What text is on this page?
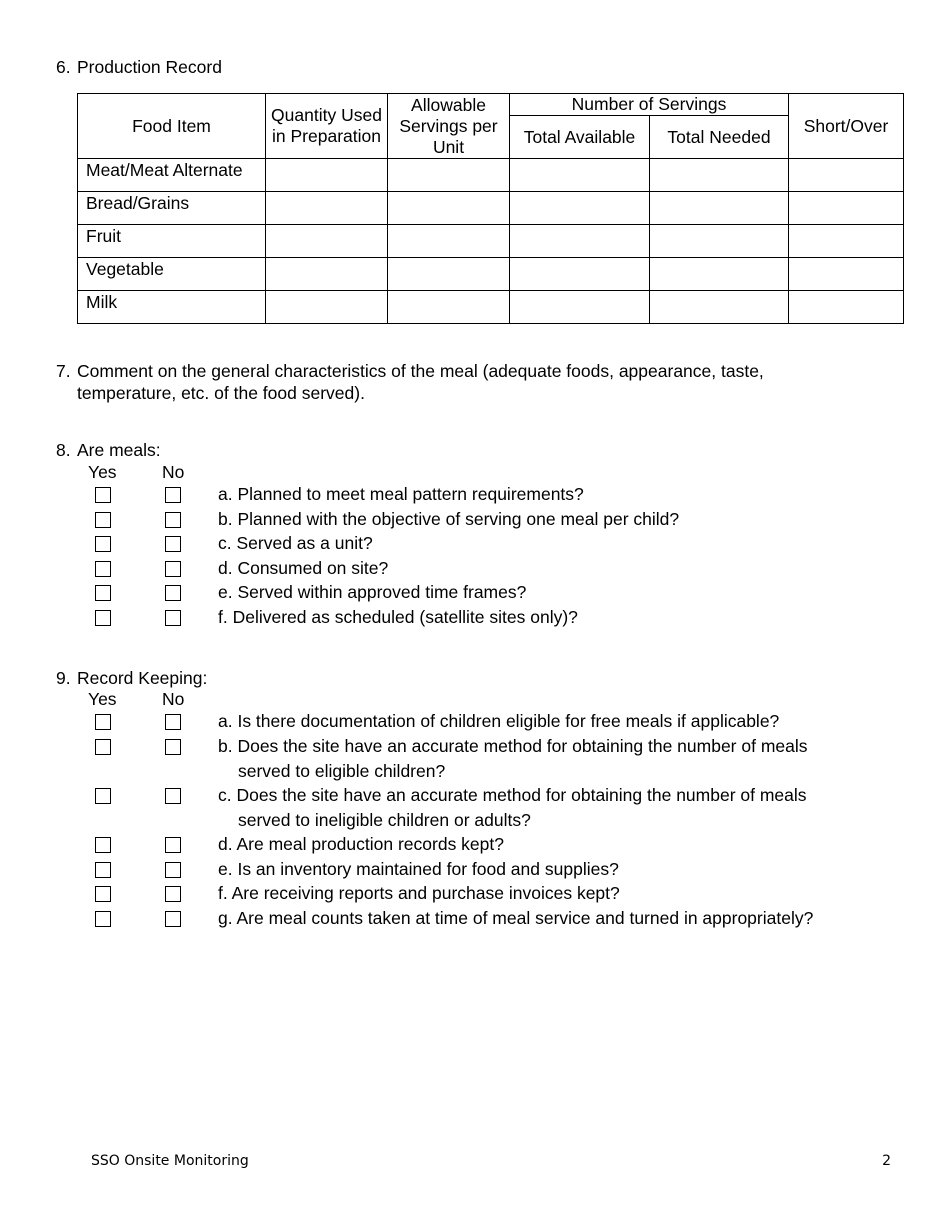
6. Production Record
Food Item	Quantity Used in Preparation	Allowable Servings per Unit	Number of Servings		Short/Over
			Total Available	Total Needed	
Meat/Meat Alternate					
Bread/Grains					
Fruit					
Vegetable					
Milk					
7. Comment on the general characteristics of the meal (adequate foods, appearance, taste,
temperature, etc. of the food served).
8. Are meals:
Yes	No
a. Planned to meet meal pattern requirements?
b. Planned with the objective of serving one meal per child?
c. Served as a unit?
d. Consumed on site?
e. Served within approved time frames?
f. Delivered as scheduled (satellite sites only)?
9. Record Keeping:
Yes	No
a. Is there documentation of children eligible for free meals if applicable?
b. Does the site have an accurate method for obtaining the number of meals
served to eligible children?
c. Does the site have an accurate method for obtaining the number of meals
served to ineligible children or adults?
d. Are meal production records kept?
e. Is an inventory maintained for food and supplies?
f. Are receiving reports and purchase invoices kept?
g. Are meal counts taken at time of meal service and turned in appropriately?
SSO Onsite Monitoring	2
